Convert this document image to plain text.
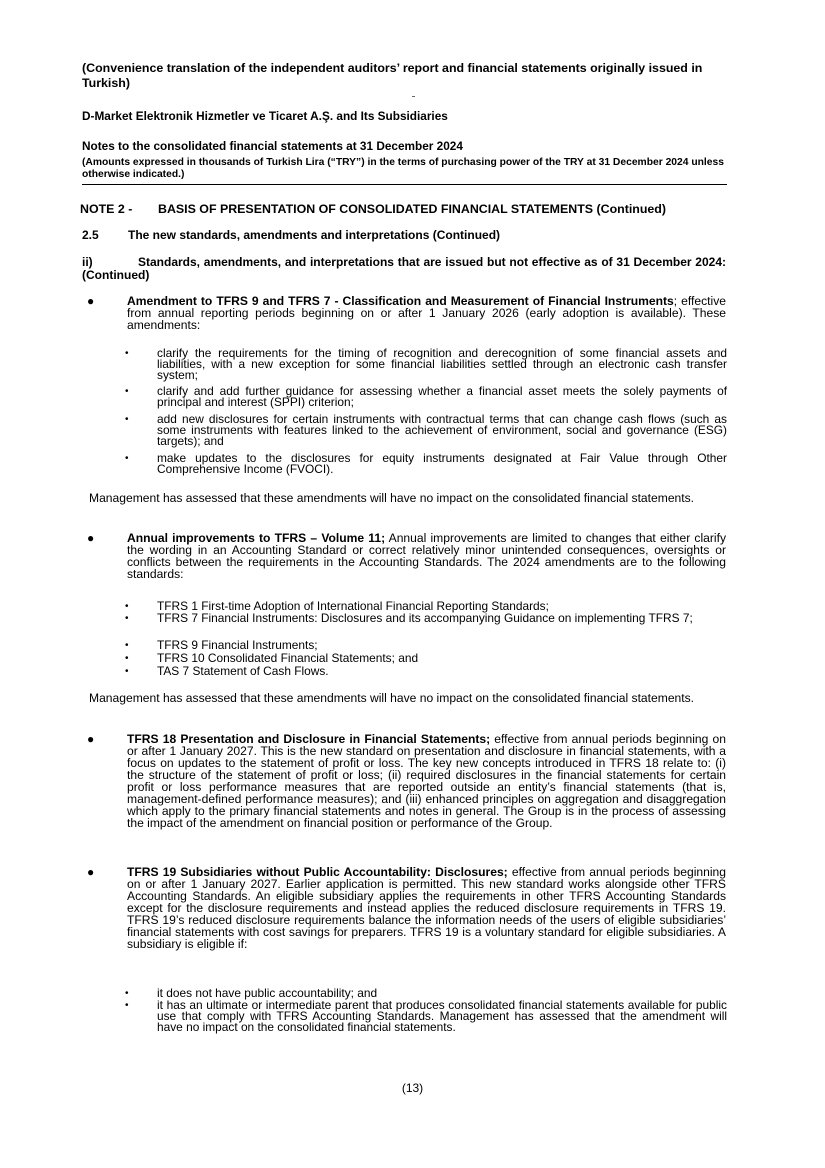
(Convenience translation of the independent auditors’ report and financial statements originally issued in Turkish)
D-Market Elektronik Hizmetler ve Ticaret A.Ş. and Its Subsidiaries
Notes to the consolidated financial statements at 31 December 2024
(Amounts expressed in thousands of Turkish Lira (“TRY”) in the terms of purchasing power of the TRY at 31 December 2024 unless otherwise indicated.)
NOTE 2 - BASIS OF PRESENTATION OF CONSOLIDATED FINANCIAL STATEMENTS (Continued)
2.5 The new standards, amendments and interpretations (Continued)
ii)	Standards, amendments, and interpretations that are issued but not effective as of 31 December 2024: (Continued)
●	Amendment to TFRS 9 and TFRS 7 - Classification and Measurement of Financial Instruments; effective from annual reporting periods beginning on or after 1 January 2026 (early adoption is available). These amendments:
• clarify the requirements for the timing of recognition and derecognition of some financial assets and liabilities, with a new exception for some financial liabilities settled through an electronic cash transfer system;
• clarify and add further guidance for assessing whether a financial asset meets the solely payments of principal and interest (SPPI) criterion;
• add new disclosures for certain instruments with contractual terms that can change cash flows (such as some instruments with features linked to the achievement of environment, social and governance (ESG) targets); and
• make updates to the disclosures for equity instruments designated at Fair Value through Other Comprehensive Income (FVOCI).
Management has assessed that these amendments will have no impact on the consolidated financial statements.
●	Annual improvements to TFRS – Volume 11; Annual improvements are limited to changes that either clarify the wording in an Accounting Standard or correct relatively minor unintended consequences, oversights or conflicts between the requirements in the Accounting Standards. The 2024 amendments are to the following standards:
• TFRS 1 First-time Adoption of International Financial Reporting Standards;
• TFRS 7 Financial Instruments: Disclosures and its accompanying Guidance on implementing TFRS 7;
• TFRS 9 Financial Instruments;
• TFRS 10 Consolidated Financial Statements; and
• TAS 7 Statement of Cash Flows.
Management has assessed that these amendments will have no impact on the consolidated financial statements.
●	TFRS 18 Presentation and Disclosure in Financial Statements; effective from annual periods beginning on or after 1 January 2027. This is the new standard on presentation and disclosure in financial statements, with a focus on updates to the statement of profit or loss. The key new concepts introduced in TFRS 18 relate to: (i) the structure of the statement of profit or loss; (ii) required disclosures in the financial statements for certain profit or loss performance measures that are reported outside an entity’s financial statements (that is, management-defined performance measures); and (iii) enhanced principles on aggregation and disaggregation which apply to the primary financial statements and notes in general. The Group is in the process of assessing the impact of the amendment on financial position or performance of the Group.
●	TFRS 19 Subsidiaries without Public Accountability: Disclosures; effective from annual periods beginning on or after 1 January 2027. Earlier application is permitted. This new standard works alongside other TFRS Accounting Standards. An eligible subsidiary applies the requirements in other TFRS Accounting Standards except for the disclosure requirements and instead applies the reduced disclosure requirements in TFRS 19. TFRS 19’s reduced disclosure requirements balance the information needs of the users of eligible subsidiaries’ financial statements with cost savings for preparers. TFRS 19 is a voluntary standard for eligible subsidiaries. A subsidiary is eligible if:
• it does not have public accountability; and
• it has an ultimate or intermediate parent that produces consolidated financial statements available for public use that comply with TFRS Accounting Standards. Management has assessed that the amendment will have no impact on the consolidated financial statements.
(13)
